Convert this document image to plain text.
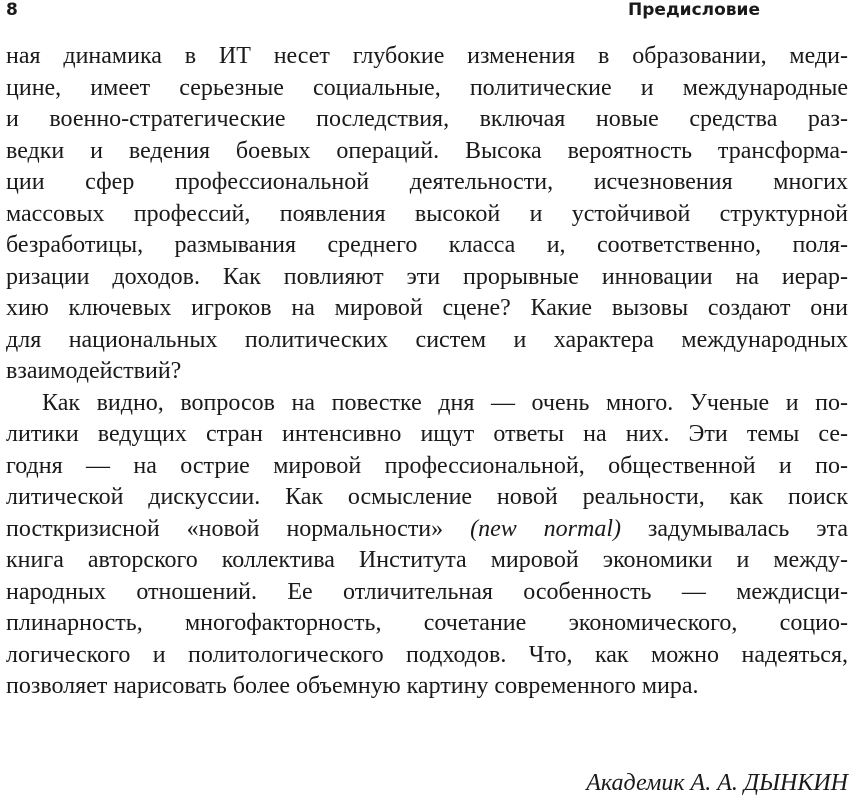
8	Предисловие
ная динамика в ИТ несет глубокие изменения в образовании, меди-
цине, имеет серьезные социальные, политические и международные
и военно-стратегические последствия, включая новые средства раз-
ведки и ведения боевых операций. Высока вероятность трансформа-
ции сфер профессиональной деятельности, исчезновения многих
массовых профессий, появления высокой и устойчивой структурной
безработицы, размывания среднего класса и, соответственно, поля-
ризации доходов. Как повлияют эти прорывные инновации на иерар-
хию ключевых игроков на мировой сцене? Какие вызовы создают они
для национальных политических систем и характера международных
взаимодействий?
Как видно, вопросов на повестке дня — очень много. Ученые и по-
литики ведущих стран интенсивно ищут ответы на них. Эти темы се-
годня — на острие мировой профессиональной, общественной и по-
литической дискуссии. Как осмысление новой реальности, как поиск
посткризисной «новой нормальности» (new normal) задумывалась эта
книга авторского коллектива Института мировой экономики и между-
народных отношений. Ее отличительная особенность — междисци-
плинарность, многофакторность, сочетание экономического, социо-
логического и политологического подходов. Что, как можно надеяться,
позволяет нарисовать более объемную картину современного мира.
Академик А. А. ДЫНКИН
